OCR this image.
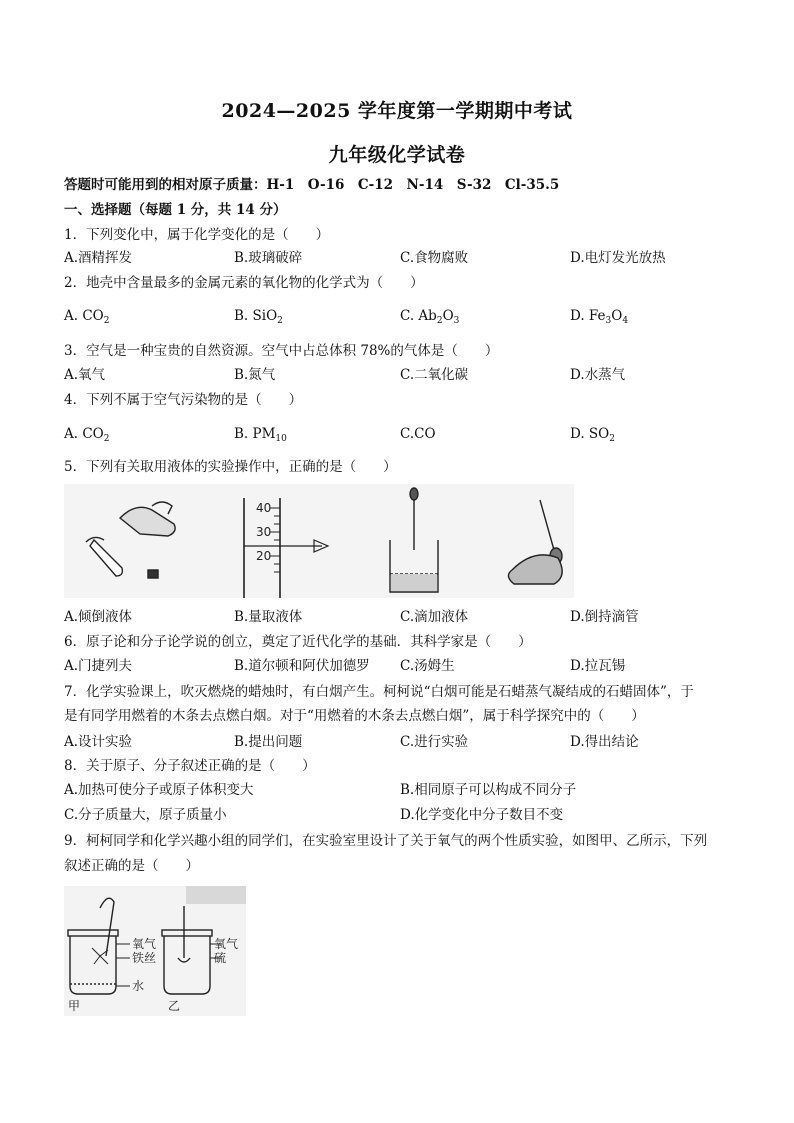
2024—2025 学年度第一学期期中考试
九年级化学试卷
答题时可能用到的相对原子质量：H-1　O-16　C-12　N-14　S-32　Cl-35.5
一、选择题（每题 1 分，共 14 分）
1．下列变化中，属于化学变化的是（　　）
A.酒精挥发	B.玻璃破碎	C.食物腐败	D.电灯发光放热
2．地壳中含量最多的金属元素的氧化物的化学式为（　　）
A. $CO_2$	B. SiO$_2$	C. $Ab_2O_3$	D. $Fe_3O_4$
3．空气是一种宝贵的自然资源。空气中占总体积 78%的气体是（　　）
A.氧气	B.氮气	C.二氧化碳	D.水蒸气
4．下列不属于空气污染物的是（　　）
A. $CO_2$	B. $PM_{10}$	C.CO	D. $SO_2$
5．下列有关取用液体的实验操作中，正确的是（　　）
40
30
20
A.倾倒液体	B.量取液体	C.滴加液体	D.倒持滴管
6．原子论和分子论学说的创立，奠定了近代化学的基础．其科学家是（　　）
A.门捷列夫	B.道尔顿和阿伏加德罗 C.汤姆生	D.拉瓦锡
7．化学实验课上，吹灭燃烧的蜡烛时，有白烟产生。柯柯说“白烟可能是石蜡蒸气凝结成的石蜡固体”，于
是有同学用燃着的木条去点燃白烟。对于“用燃着的木条去点燃白烟”，属于科学探究中的（　　）
A.设计实验	B.提出问题	C.进行实验	D.得出结论
8．关于原子、分子叙述正确的是（　　）
A.加热可使分子或原子体积变大	B.相同原子可以构成不同分子
C.分子质量大，原子质量小	D.化学变化中分子数目不变
9．柯柯同学和化学兴趣小组的同学们，在实验室里设计了关于氧气的两个性质实验，如图甲、乙所示，下列
叙述正确的是（　　）
氧气
铁丝
水
甲
氧气
硫
乙
